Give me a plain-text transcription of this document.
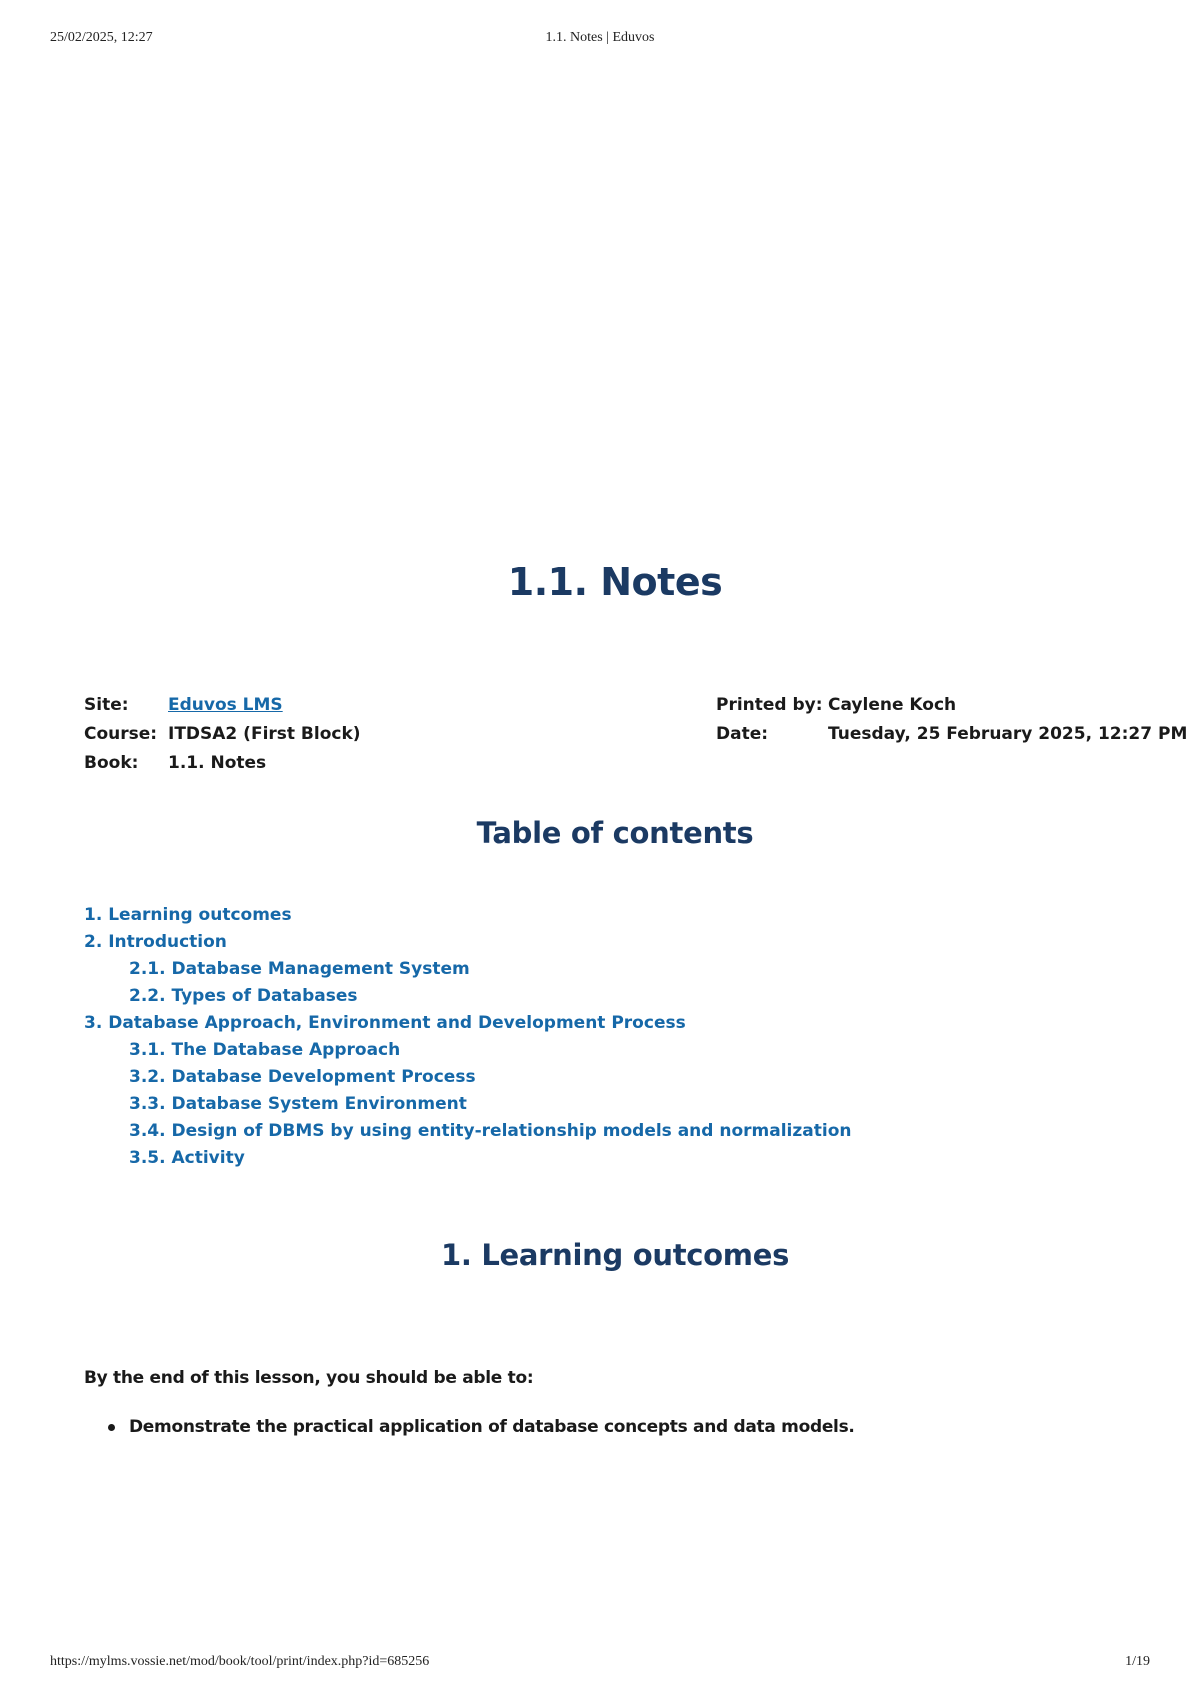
25/02/2025, 12:27	1.1. Notes | Eduvos
1.1. Notes
Site:	Eduvos LMS
Course: ITDSA2 (First Block)
Book:	1.1. Notes
Printed by: Caylene Koch
Date:	Tuesday, 25 February 2025, 12:27 PM
Table of contents
1. Learning outcomes
2. Introduction
2.1. Database Management System
2.2. Types of Databases
3. Database Approach, Environment and Development Process
3.1. The Database Approach
3.2. Database Development Process
3.3. Database System Environment
3.4. Design of DBMS by using entity-relationship models and normalization
3.5. Activity
1. Learning outcomes

By the end of this lesson, you should be able to:

Demonstrate the practical application of database concepts and data models.
https://mylms.vossie.net/mod/book/tool/print/index.php?id=685256	1/19
